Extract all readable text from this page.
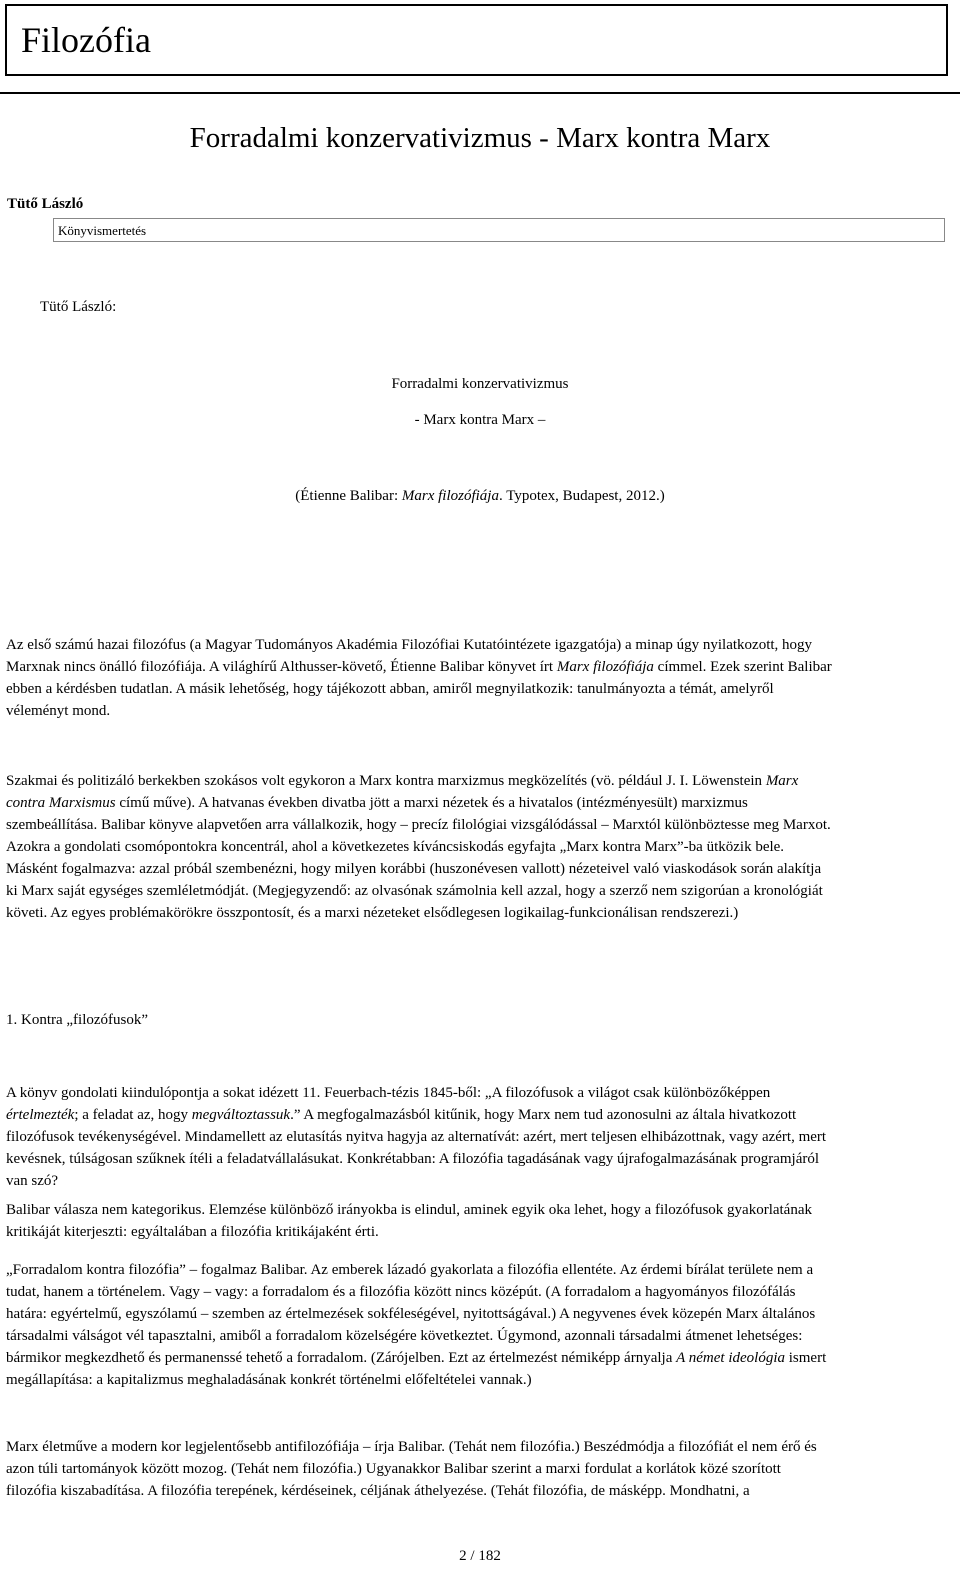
Filozófia
Forradalmi konzervativizmus - Marx kontra Marx
Tütő László
Könyvismertetés
Tütő László:
Forradalmi konzervativizmus
- Marx kontra Marx –
(Étienne Balibar: Marx filozófiája. Typotex, Budapest, 2012.)
Az első számú hazai filozófus (a Magyar Tudományos Akadémia Filozófiai Kutatóintézete igazgatója) a minap úgy nyilatkozott, hogy
Marxnak nincs önálló filozófiája. A világhírű Althusser-követő, Étienne Balibar könyvet írt Marx filozófiája címmel. Ezek szerint Balibar
ebben a kérdésben tudatlan. A másik lehetőség, hogy tájékozott abban, amiről megnyilatkozik: tanulmányozta a témát, amelyről
véleményt mond.
Szakmai és politizáló berkekben szokásos volt egykoron a Marx kontra marxizmus megközelítés (vö. például J. I. Löwenstein Marx
contra Marxismus című műve). A hatvanas években divatba jött a marxi nézetek és a hivatalos (intézményesült) marxizmus
szembeállítása. Balibar könyve alapvetően arra vállalkozik, hogy – precíz filológiai vizsgálódással – Marxtól különböztesse meg Marxot.
Azokra a gondolati csomópontokra koncentrál, ahol a következetes kíváncsiskodás egyfajta „Marx kontra Marx”-ba ütközik bele.
Másként fogalmazva: azzal próbál szembenézni, hogy milyen korábbi (huszonévesen vallott) nézeteivel való viaskodások során alakítja
ki Marx saját egységes szemléletmódját. (Megjegyzendő: az olvasónak számolnia kell azzal, hogy a szerző nem szigorúan a kronológiát
követi. Az egyes problémakörökre összpontosít, és a marxi nézeteket elsődlegesen logikailag-funkcionálisan rendszerezi.)
1. Kontra „filozófusok”
A könyv gondolati kiindulópontja a sokat idézett 11. Feuerbach-tézis 1845-ből: „A filozófusok a világot csak különbözőképpen
értelmezték; a feladat az, hogy megváltoztassuk.” A megfogalmazásból kitűnik, hogy Marx nem tud azonosulni az általa hivatkozott
filozófusok tevékenységével. Mindamellett az elutasítás nyitva hagyja az alternatívát: azért, mert teljesen elhibázottnak, vagy azért, mert
kevésnek, túlságosan szűknek ítéli a feladatvállalásukat. Konkrétabban: A filozófia tagadásának vagy újrafogalmazásának programjáról
van szó?
Balibar válasza nem kategorikus. Elemzése különböző irányokba is elindul, aminek egyik oka lehet, hogy a filozófusok gyakorlatának
kritikáját kiterjeszti: egyáltalában a filozófia kritikájaként érti.
„Forradalom kontra filozófia” – fogalmaz Balibar. Az emberek lázadó gyakorlata a filozófia ellentéte. Az érdemi bírálat területe nem a
tudat, hanem a történelem. Vagy – vagy: a forradalom és a filozófia között nincs középút. (A forradalom a hagyományos filozófálás
határa: egyértelmű, egyszólamú – szemben az értelmezések sokféleségével, nyitottságával.) A negyvenes évek közepén Marx általános
társadalmi válságot vél tapasztalni, amiből a forradalom közelségére következtet. Úgymond, azonnali társadalmi átmenet lehetséges:
bármikor megkezdhető és permanenssé tehető a forradalom. (Zárójelben. Ezt az értelmezést némiképp árnyalja A német ideológia ismert
megállapítása: a kapitalizmus meghaladásának konkrét történelmi előfeltételei vannak.)
Marx életműve a modern kor legjelentősebb antifilozófiája – írja Balibar. (Tehát nem filozófia.) Beszédmódja a filozófiát el nem érő és
azon túli tartományok között mozog. (Tehát nem filozófia.) Ugyanakkor Balibar szerint a marxi fordulat a korlátok közé szorított
filozófia kiszabadítása. A filozófia terepének, kérdéseinek, céljának áthelyezése. (Tehát filozófia, de másképp. Mondhatni, a
2 / 182
